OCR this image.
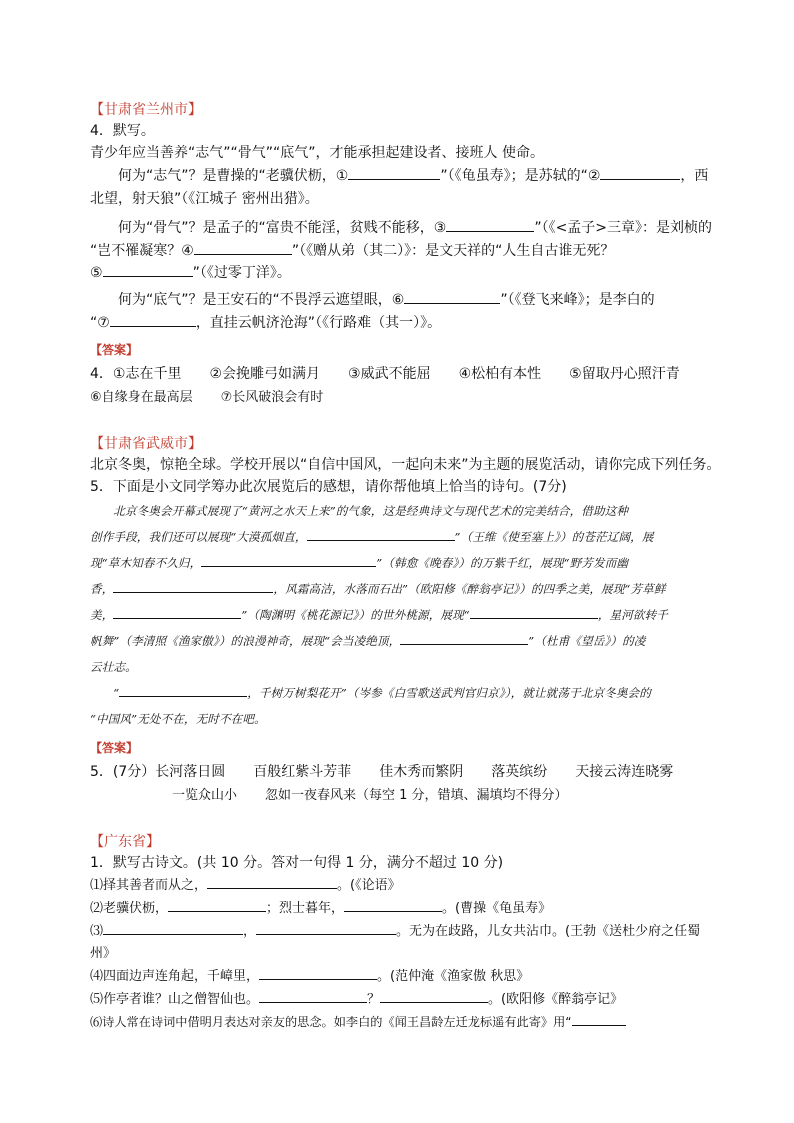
【甘肃省兰州市】

4．默写。

青少年应当善养“志气”“骨气”“底气”，才能承担起建设者、接班人 使命。

何为“志气”？是曹操的“老骥伏枥，①	”（《龟虽寿》；是苏轼的“②	，西

北望，射天狼”（《江城子 密州出猎》。

何为“骨气”？是孟子的“富贵不能淫，贫贱不能移，③	”（《<孟子>三章》：是刘桢的

“岂不罹凝寒？④	”（《赠从弟（其二）》：是文天祥的“人生自古谁无死？

⑤	”（《过零丁洋》。

何为“底气”？是王安石的“不畏浮云遮望眼，⑥	”（《登飞来峰》；是李白的

“⑦	，直挂云帆济沧海”（《行路难（其一）》。

【答案】

4．①志在千里 ②会挽雕弓如满月 ③威武不能屈 ④松柏有本性 ⑤留取丹心照汗青

⑥自缘身在最高层 ⑦长风破浪会有时

【甘肃省武威市】

北京冬奥，惊艳全球。学校开展以“自信中国风，一起向未来”为主题的展览活动，请你完成下列任务。

5．下面是小文同学筹办此次展览后的感想，请你帮他填上恰当的诗句。(7分)

北京冬奥会开幕式展现了“黄河之水天上来”的气象，这是经典诗文与现代艺术的完美结合，借助这种

创作手段，我们还可以展现“大漠孤烟直，	”（王维《使至塞上》）的苍茫辽阔，展

现“草木知春不久归，	”（韩愈《晚春》）的万紫千红，展现“野芳发而幽

香，	，风霜高洁，水落而石出”（欧阳修《醉翁亭记》）的四季之美，展现“芳草鲜

美，	”（陶渊明《桃花源记》）的世外桃源，展现“	，星河欲转千

帆舞”（李清照《渔家傲》）的浪漫神奇，展现“会当凌绝顶，	”（杜甫《望岳》）的凌

云壮志。

“	，千树万树梨花开”（岑参《白雪歌送武判官归京》），就让就荡于北京冬奥会的

“中国风”无处不在，无时不在吧。

【答案】

5．(7分）长河落日圆 百般红紫斗芳菲 佳木秀而繁阴 落英缤纷 天接云涛连晓雾

一览众山小 忽如一夜春风来（每空 1 分，错填、漏填均不得分）

【广东省】

1．默写古诗文。(共 10 分。答对一句得 1 分，满分不超过 10 分)

⑴择其善者而从之，	。(《论语》

⑵老骥伏枥，	；烈士暮年，	。(曹操《龟虽寿》

⑶	，	。无为在歧路，儿女共沾巾。(王勃《送杜少府之任蜀

州》

⑷四面边声连角起，千嶂里，	。(范仲淹《渔家傲 秋思》

⑸作亭者谁？山之僧智仙也。	？	。(欧阳修《醉翁亭记》

⑹诗人常在诗词中借明月表达对亲友的思念。如李白的《闻王昌龄左迁龙标遥有此寄》用“
